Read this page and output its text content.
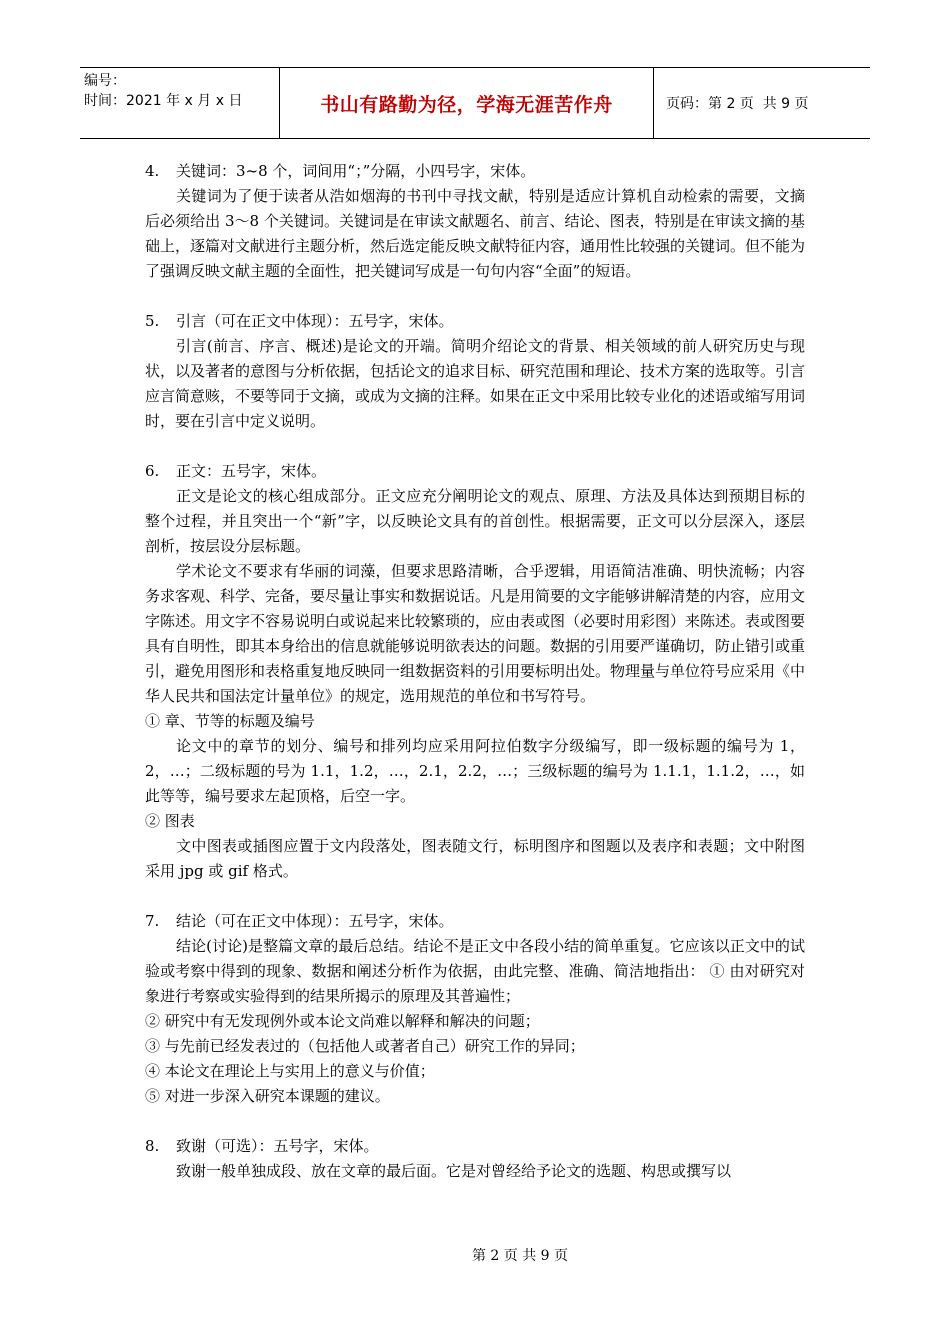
编号：
时间：2021 年 x 月 x 日	书山有路勤为径，学海无涯苦作舟	页码：第 2 页  共 9 页

4. 关键词：3~8 个，词间用“；”分隔，小四号字，宋体。

关键词为了便于读者从浩如烟海的书刊中寻找文献，特别是适应计算机自动检索的需要，文摘后必须给出 3～8 个关键词。关键词是在审读文献题名、前言、结论、图表，特别是在审读文摘的基础上，逐篇对文献进行主题分析，然后选定能反映文献特征内容，通用性比较强的关键词。但不能为了强调反映文献主题的全面性，把关键词写成是一句句内容“全面”的短语。

5. 引言（可在正文中体现）：五号字，宋体。

引言(前言、序言、概述)是论文的开端。简明介绍论文的背景、相关领域的前人研究历史与现状，以及著者的意图与分析依据，包括论文的追求目标、研究范围和理论、技术方案的选取等。引言应言简意赅，不要等同于文摘，或成为文摘的注释。如果在正文中采用比较专业化的述语或缩写用词时，要在引言中定义说明。

6. 正文：五号字，宋体。

正文是论文的核心组成部分。正文应充分阐明论文的观点、原理、方法及具体达到预期目标的整个过程，并且突出一个“新”字，以反映论文具有的首创性。根据需要，正文可以分层深入，逐层剖析，按层设分层标题。

学术论文不要求有华丽的词藻，但要求思路清晰，合乎逻辑，用语简洁准确、明快流畅；内容务求客观、科学、完备，要尽量让事实和数据说话。凡是用简要的文字能够讲解清楚的内容，应用文字陈述。用文字不容易说明白或说起来比较繁琐的，应由表或图（必要时用彩图）来陈述。表或图要具有自明性，即其本身给出的信息就能够说明欲表达的问题。数据的引用要严谨确切，防止错引或重引，避免用图形和表格重复地反映同一组数据资料的引用要标明出处。物理量与单位符号应采用《中华人民共和国法定计量单位》的规定，选用规范的单位和书写符号。

① 章、节等的标题及编号

论文中的章节的划分、编号和排列均应采用阿拉伯数字分级编写，即一级标题的编号为 1，2，…；二级标题的号为 1.1，1.2，…，2.1，2.2，…；三级标题的编号为 1.1.1，1.1.2，…，如此等等，编号要求左起顶格，后空一字。

② 图表

文中图表或插图应置于文内段落处，图表随文行，标明图序和图题以及表序和表题；文中附图采用 jpg 或 gif 格式。

7. 结论（可在正文中体现）：五号字，宋体。

结论(讨论)是整篇文章的最后总结。结论不是正文中各段小结的简单重复。它应该以正文中的试验或考察中得到的现象、数据和阐述分析作为依据，由此完整、准确、简洁地指出： ① 由对研究对象进行考察或实验得到的结果所揭示的原理及其普遍性；

② 研究中有无发现例外或本论文尚难以解释和解决的问题；

③ 与先前已经发表过的（包括他人或著者自己）研究工作的异同；

④ 本论文在理论上与实用上的意义与价值；

⑤ 对进一步深入研究本课题的建议。

8. 致谢（可选）：五号字，宋体。

致谢一般单独成段、放在文章的最后面。它是对曾经给予论文的选题、构思或撰写以

第 2 页 共 9 页
